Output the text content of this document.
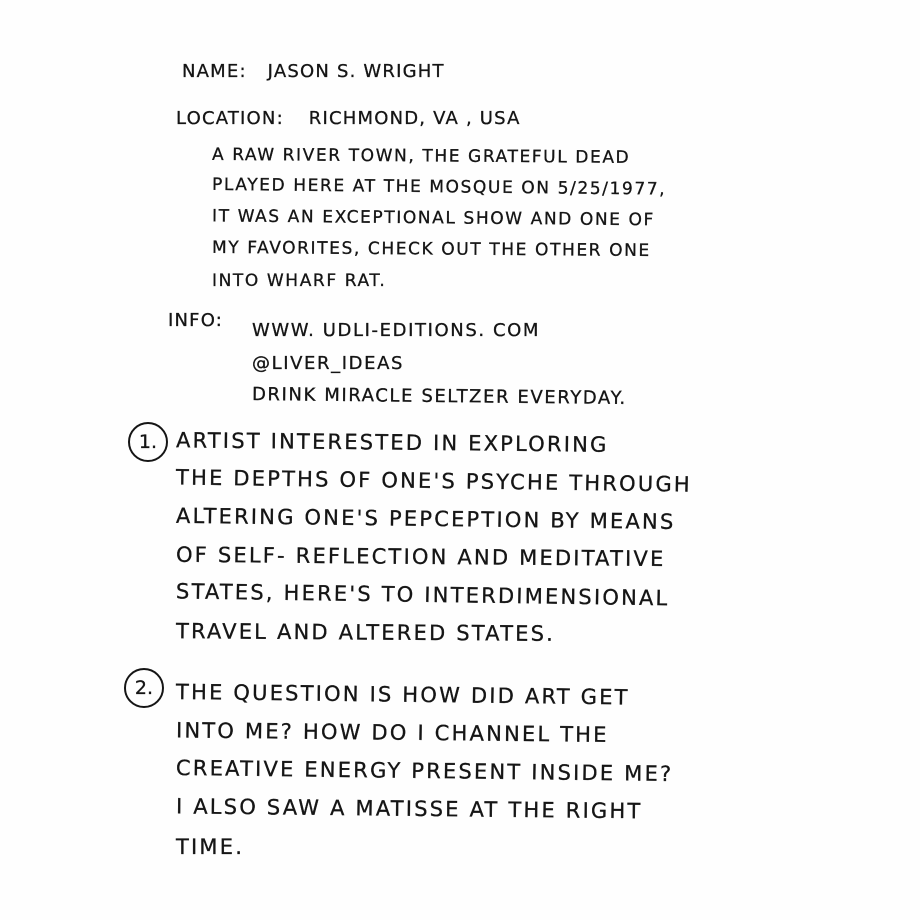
NAME: JASON S. WRIGHT
LOCATION: RICHMOND, VA , USA
A RAW RIVER TOWN, THE GRATEFUL DEAD
PLAYED HERE AT THE MOSQUE ON 5/25/1977,
IT WAS AN EXCEPTIONAL SHOW AND ONE OF
MY FAVORITES, CHECK OUT THE OTHER ONE
INTO WHARF RAT.
INFO: WWW. UDLI-EDITIONS. COM
@LIVER_IDEAS
DRINK MIRACLE SELTZER EVERYDAY.
1. ARTIST INTERESTED IN EXPLORING
THE DEPTHS OF ONE'S PSYCHE THROUGH
ALTERING ONE'S PEPCEPTION BY MEANS
OF SELF- REFLECTION AND MEDITATIVE
STATES, HERE'S TO INTERDIMENSIONAL
TRAVEL AND ALTERED STATES.
2.	THE QUESTION IS HOW DID ART GET
INTO ME? HOW DO I CHANNEL THE
CREATIVE ENERGY PRESENT INSIDE ME?
I ALSO SAW A MATISSE AT THE RIGHT
TIME.
